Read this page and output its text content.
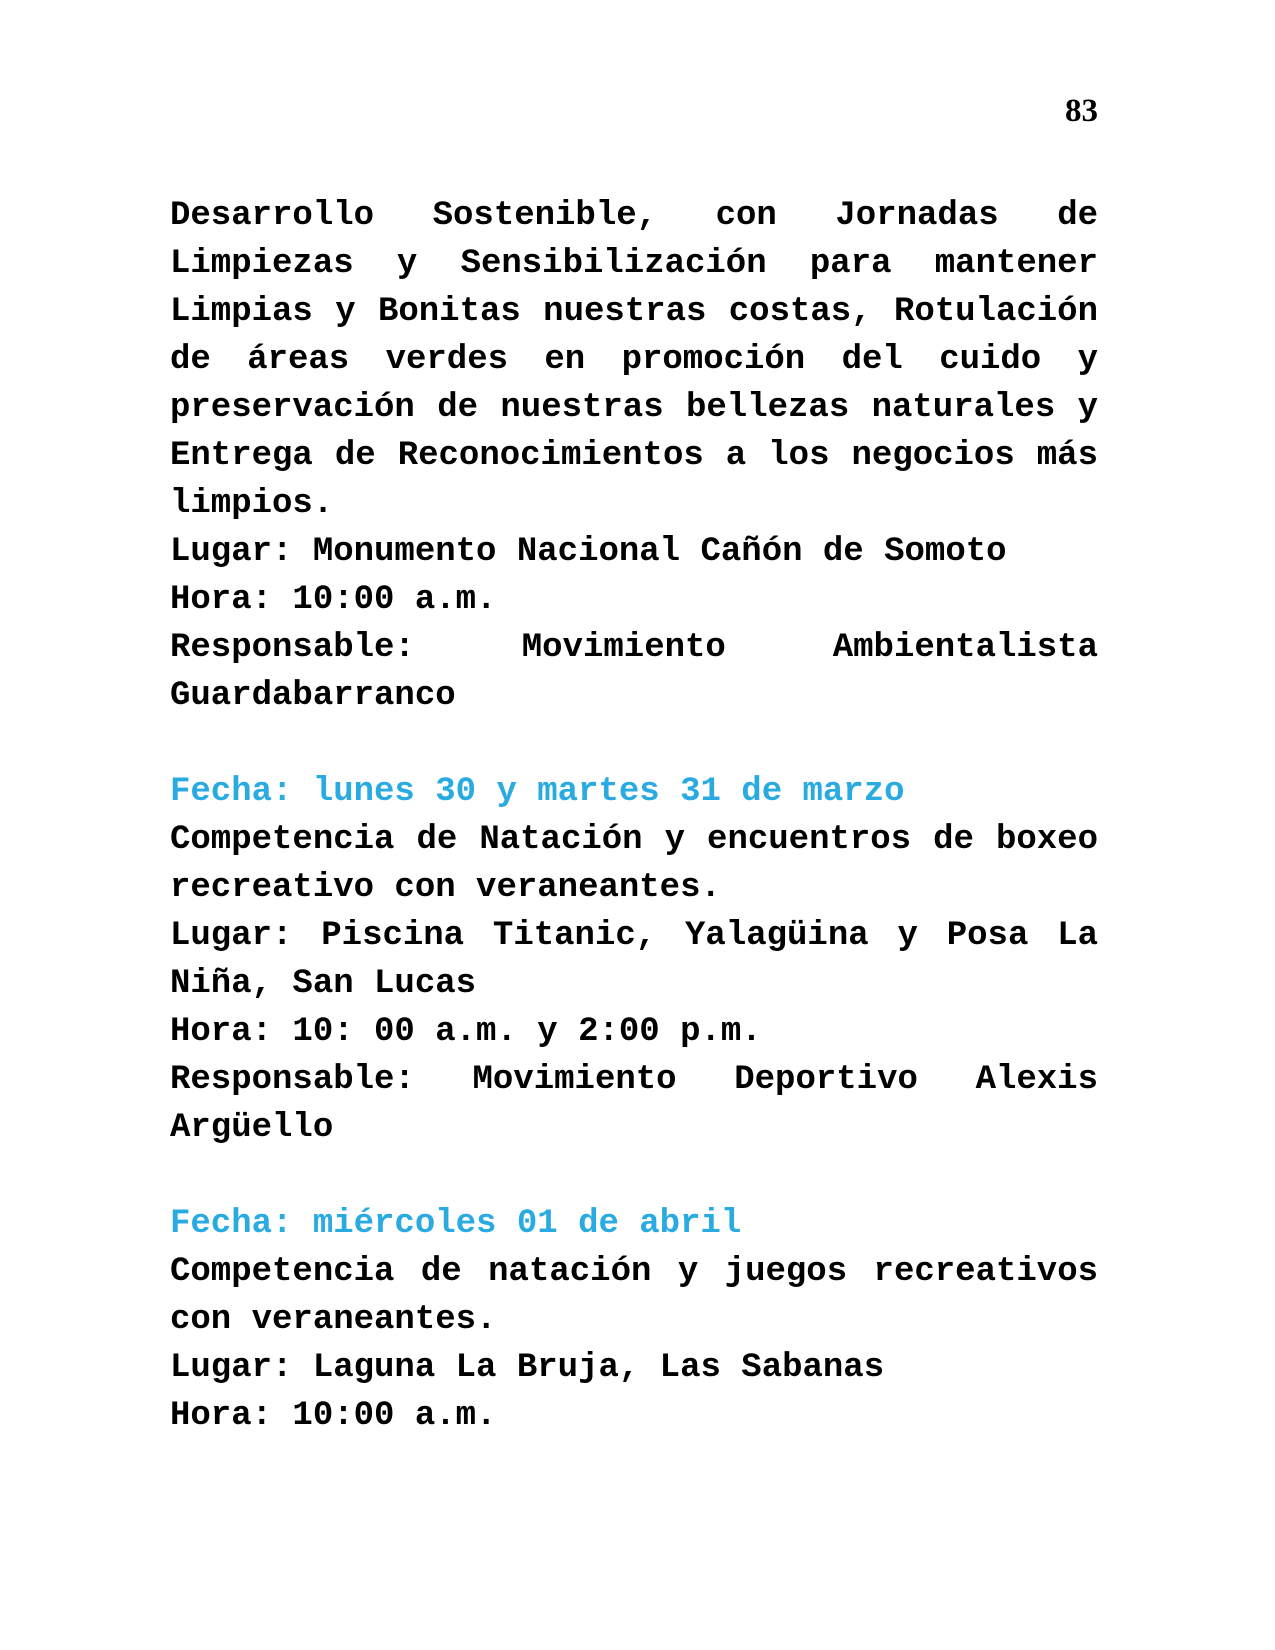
83
Desarrollo Sostenible, con Jornadas de
Limpiezas y Sensibilización para mantener
Limpias y Bonitas nuestras costas, Rotulación
de áreas verdes en promoción del cuido y
preservación de nuestras bellezas naturales y
Entrega de Reconocimientos a los negocios más
limpios.
Lugar: Monumento Nacional Cañón de Somoto
Hora: 10:00 a.m.
Responsable: Movimiento Ambientalista
Guardabarranco
Fecha: lunes 30 y martes 31 de marzo
Competencia de Natación y encuentros de boxeo
recreativo con veraneantes.
Lugar: Piscina Titanic, Yalagüina y Posa La
Niña, San Lucas
Hora: 10: 00 a.m. y 2:00 p.m.
Responsable: Movimiento Deportivo Alexis
Argüello
Fecha: miércoles 01 de abril
Competencia de natación y juegos recreativos
con veraneantes.
Lugar: Laguna La Bruja, Las Sabanas
Hora: 10:00 a.m.
